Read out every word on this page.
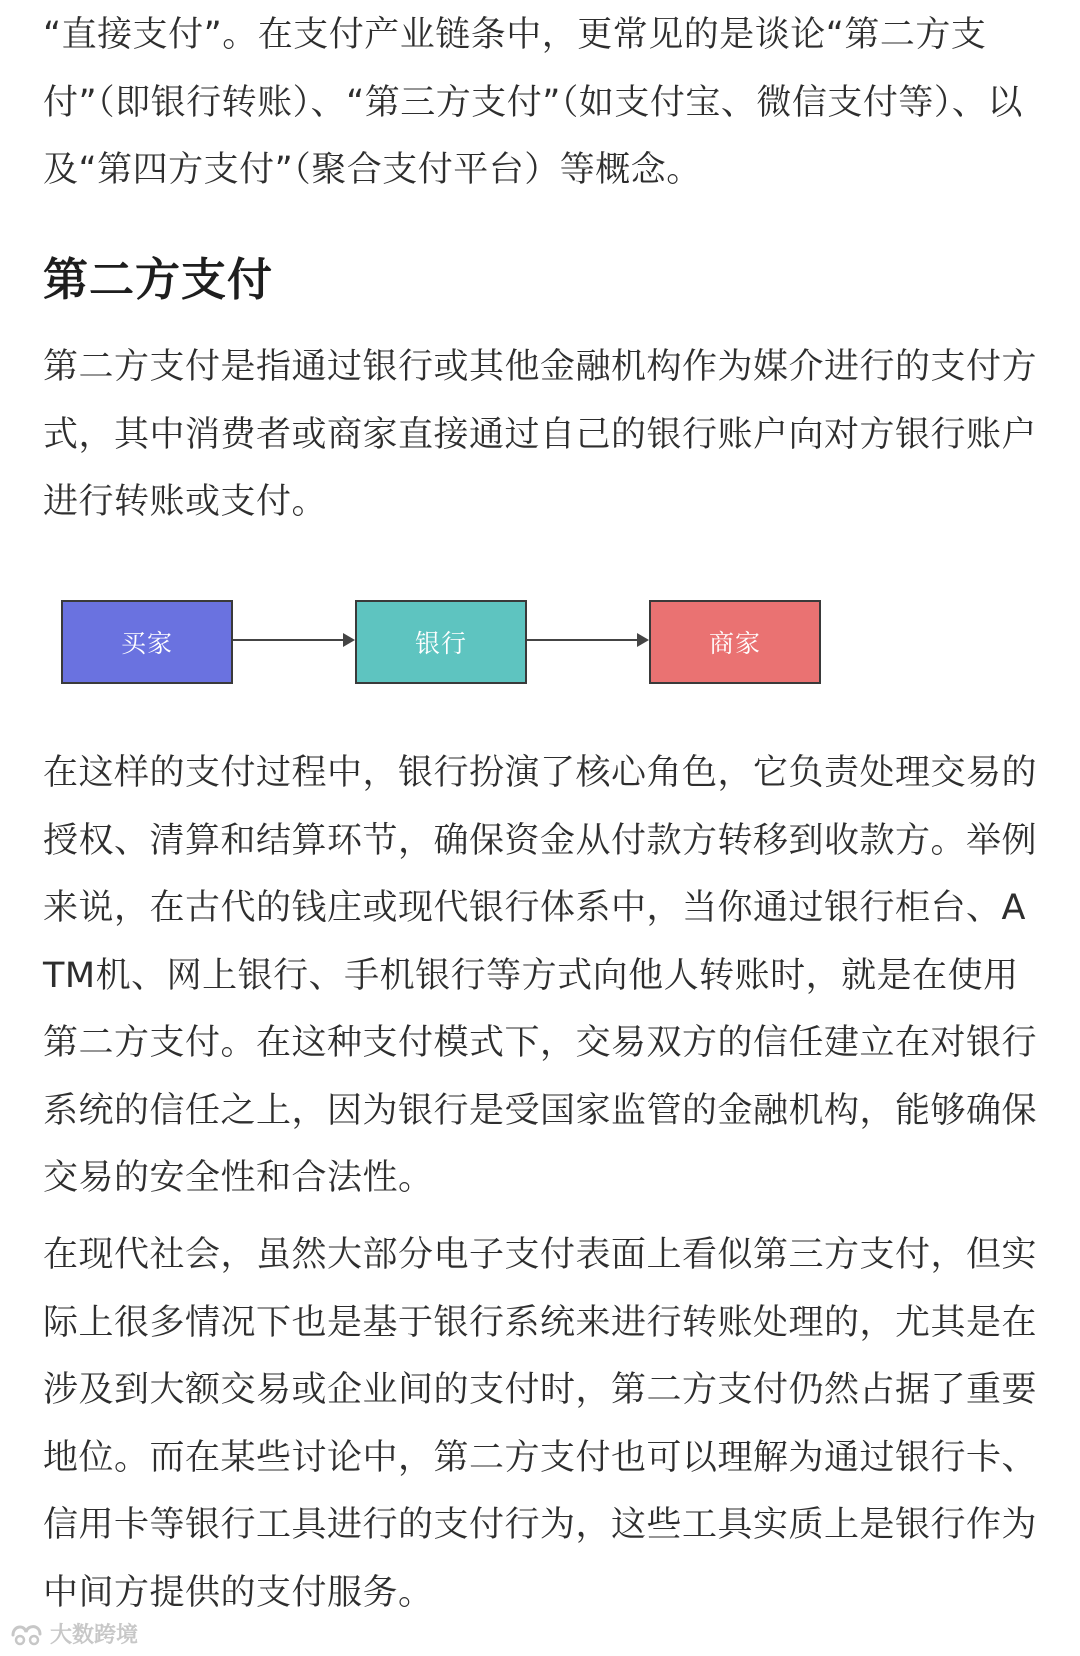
“直接支付”。在支付产业链条中，更常见的是谈论“第二方支付”（即银行转账）、“第三方支付”（如支付宝、微信支付等）、以及“第四方支付”（聚合支付平台）等概念。

第二方支付

第二方支付是指通过银行或其他金融机构作为媒介进行的支付方式，其中消费者或商家直接通过自己的银行账户向对方银行账户进行转账或支付。

买家	银行	商家

在这样的支付过程中，银行扮演了核心角色，它负责处理交易的授权、清算和结算环节，确保资金从付款方转移到收款方。举例来说，在古代的钱庄或现代银行体系中，当你通过银行柜台、ATM机、网上银行、手机银行等方式向他人转账时，就是在使用第二方支付。在这种支付模式下，交易双方的信任建立在对银行系统的信任之上，因为银行是受国家监管的金融机构，能够确保交易的安全性和合法性。

在现代社会，虽然大部分电子支付表面上看似第三方支付，但实际上很多情况下也是基于银行系统来进行转账处理的，尤其是在涉及到大额交易或企业间的支付时，第二方支付仍然占据了重要地位。而在某些讨论中，第二方支付也可以理解为通过银行卡、信用卡等银行工具进行的支付行为，这些工具实质上是银行作为中间方提供的支付服务。

大数跨境
